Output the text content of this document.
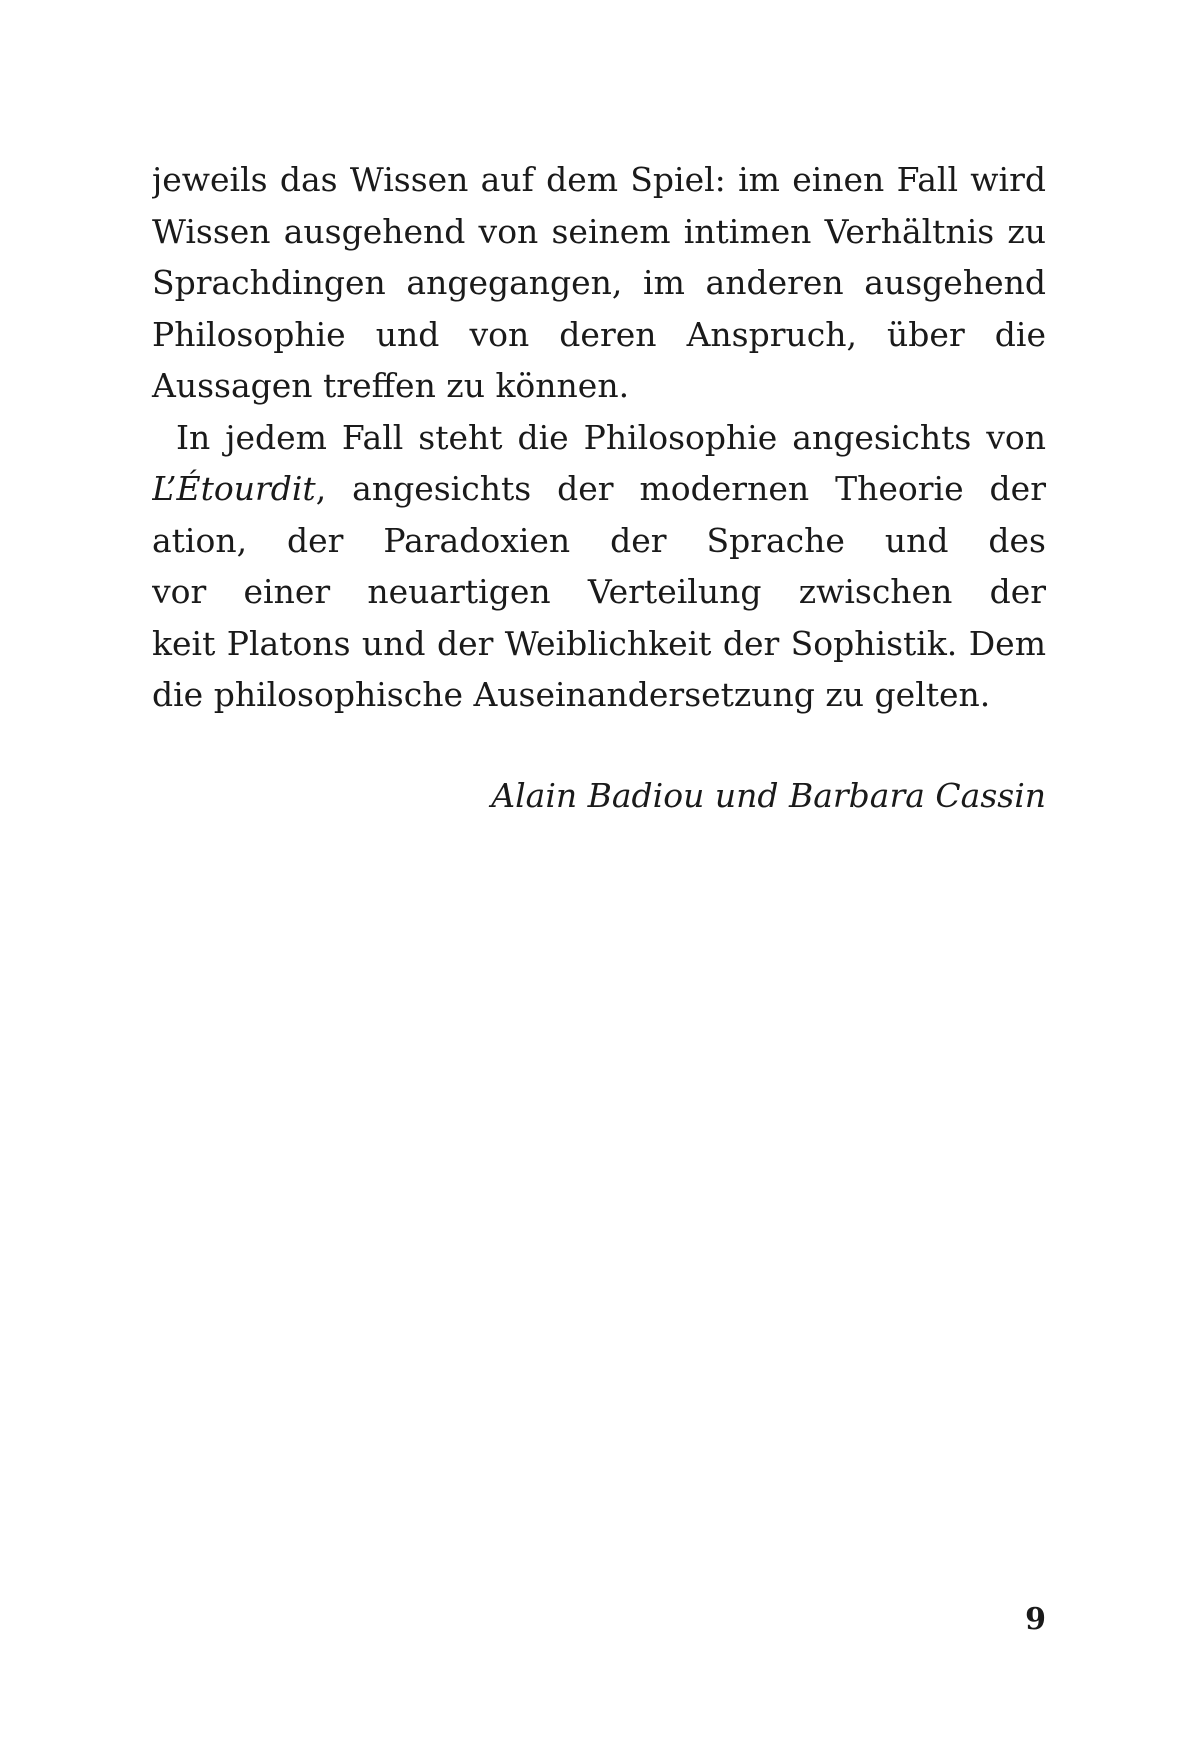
jeweils das Wissen auf dem Spiel: im einen Fall wird
Wissen ausgehend von seinem intimen Verhältnis zu
Sprachdingen angegangen, im anderen ausgehend
Philosophie und von deren Anspruch, über die
Aussagen treffen zu können.
In jedem Fall steht die Philosophie angesichts von
L’Étourdit, angesichts der modernen Theorie der
ation, der Paradoxien der Sprache und des
vor einer neuartigen Verteilung zwischen der
keit Platons und der Weiblichkeit der Sophistik. Dem
die philosophische Auseinandersetzung zu gelten.
Alain Badiou und Barbara Cassin
9
